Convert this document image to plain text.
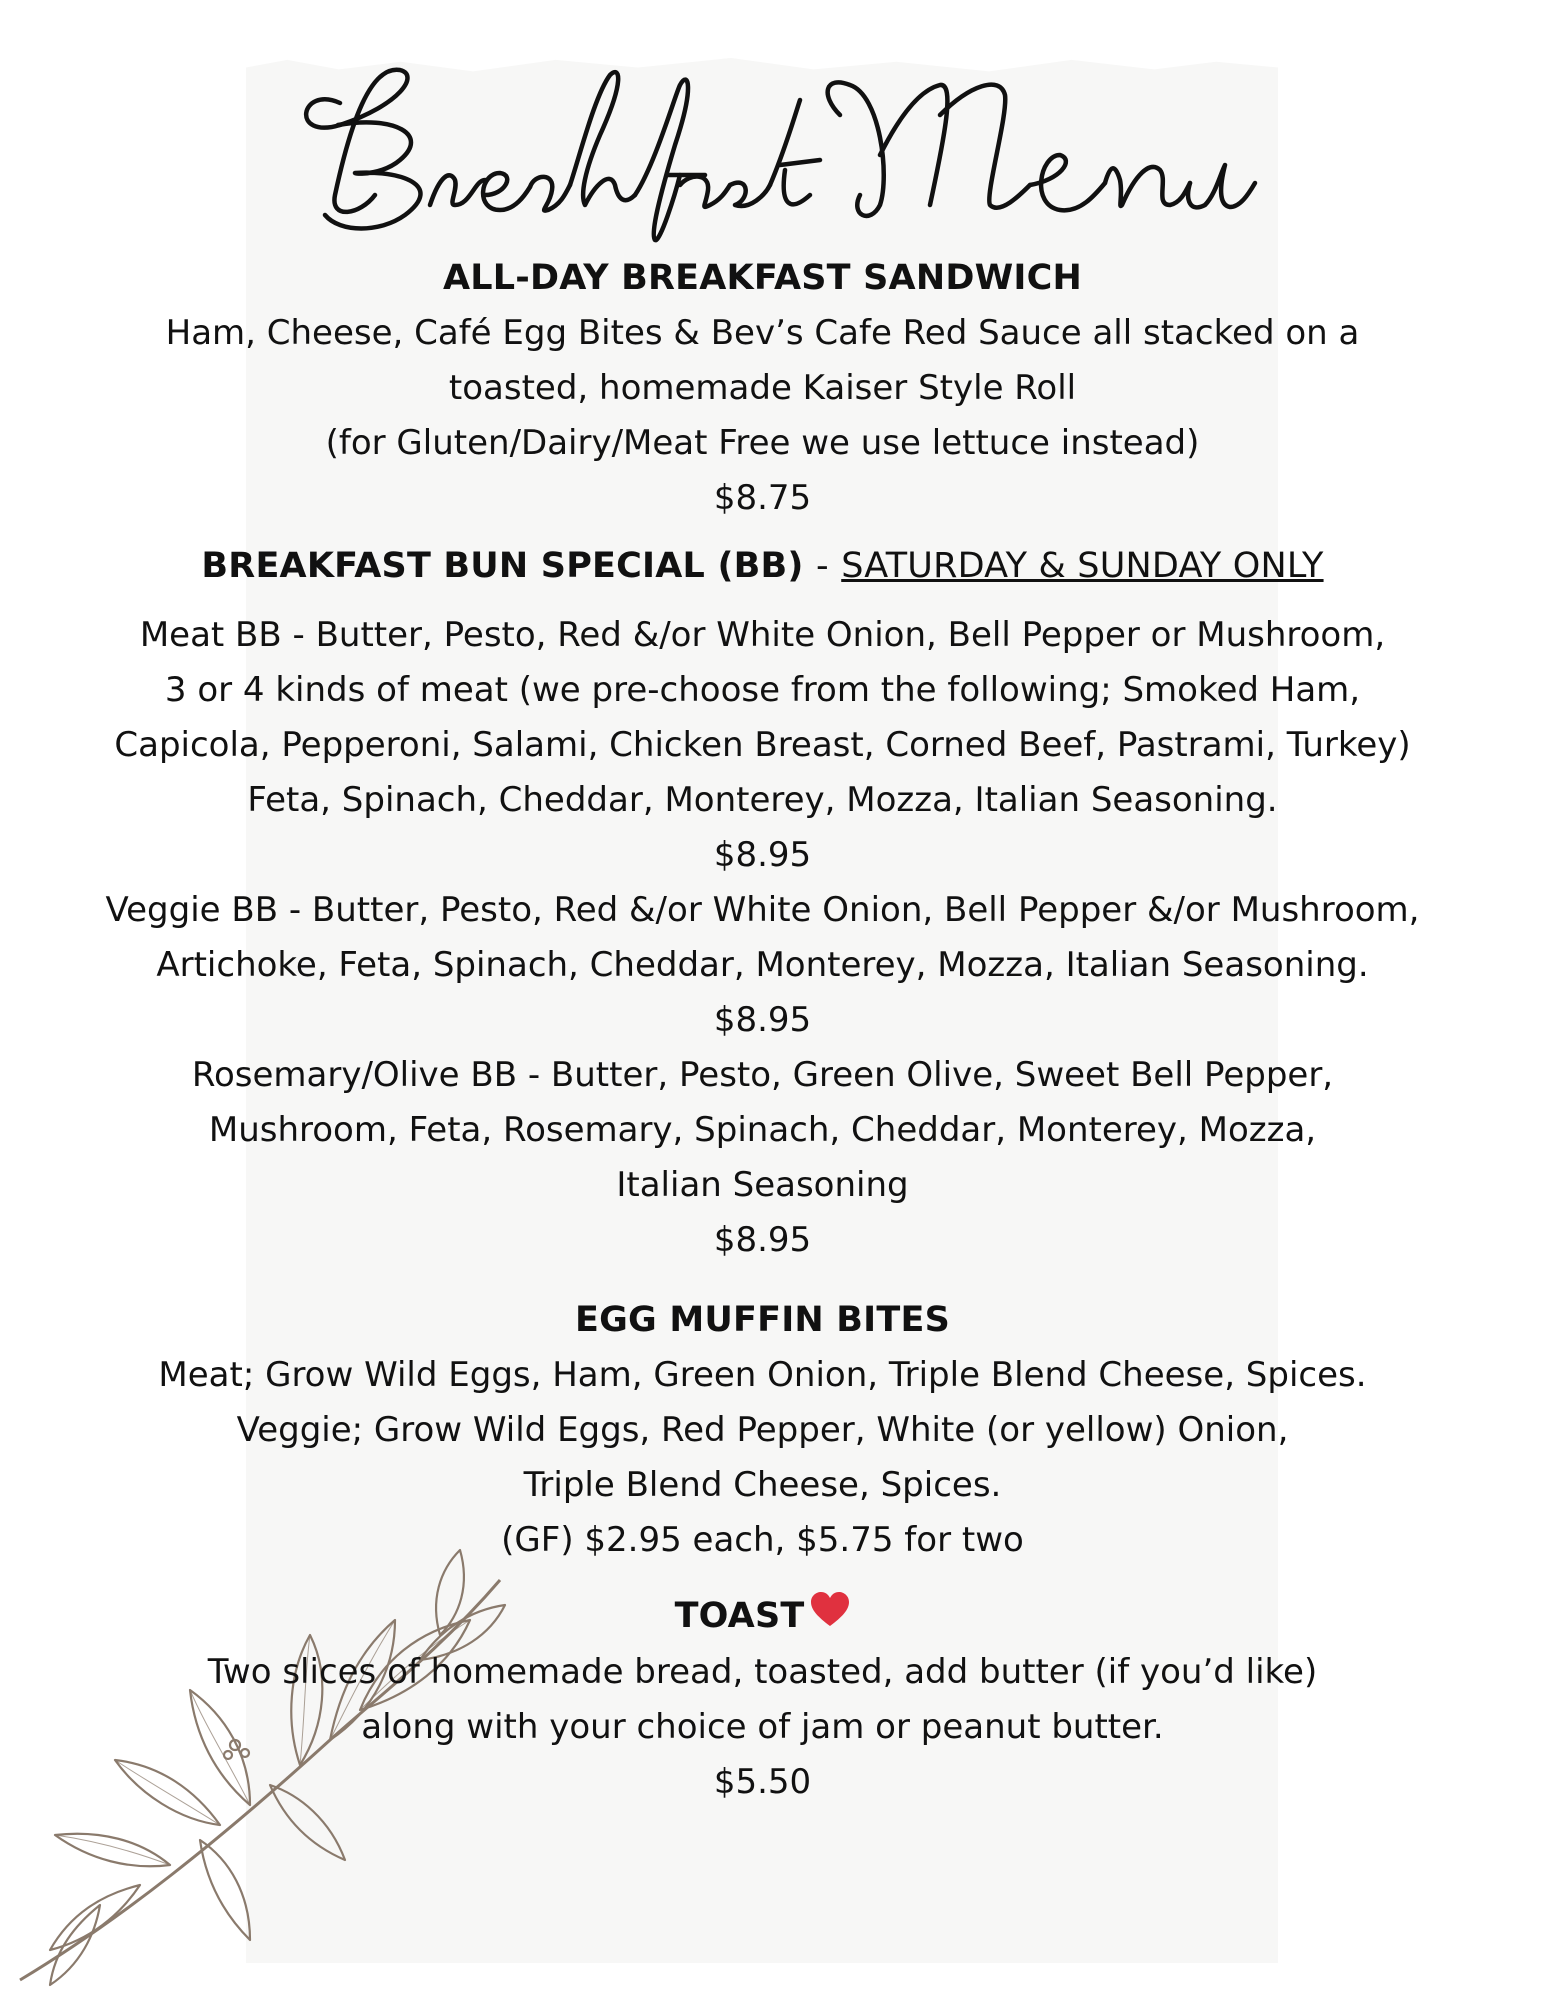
ALL-DAY BREAKFAST SANDWICH
Ham, Cheese, Café Egg Bites & Bev’s Cafe Red Sauce all stacked on a
toasted, homemade Kaiser Style Roll
(for Gluten/Dairy/Meat Free we use lettuce instead)
$8.75
BREAKFAST BUN SPECIAL (BB) - SATURDAY & SUNDAY ONLY
Meat BB - Butter, Pesto, Red &/or White Onion, Bell Pepper or Mushroom,
3 or 4 kinds of meat (we pre-choose from the following; Smoked Ham,
Capicola, Pepperoni, Salami, Chicken Breast, Corned Beef, Pastrami, Turkey)
Feta, Spinach, Cheddar, Monterey, Mozza, Italian Seasoning.
$8.95
Veggie BB - Butter, Pesto, Red &/or White Onion, Bell Pepper &/or Mushroom,
Artichoke, Feta, Spinach, Cheddar, Monterey, Mozza, Italian Seasoning.
$8.95
Rosemary/Olive BB - Butter, Pesto, Green Olive, Sweet Bell Pepper,
Mushroom, Feta, Rosemary, Spinach, Cheddar, Monterey, Mozza,
Italian Seasoning
$8.95
EGG MUFFIN BITES
Meat; Grow Wild Eggs, Ham, Green Onion, Triple Blend Cheese, Spices.
Veggie; Grow Wild Eggs, Red Pepper, White (or yellow) Onion,
Triple Blend Cheese, Spices.
(GF) $2.95 each, $5.75 for two
TOAST
Two slices of homemade bread, toasted, add butter (if you’d like)
along with your choice of jam or peanut butter.
$5.50
